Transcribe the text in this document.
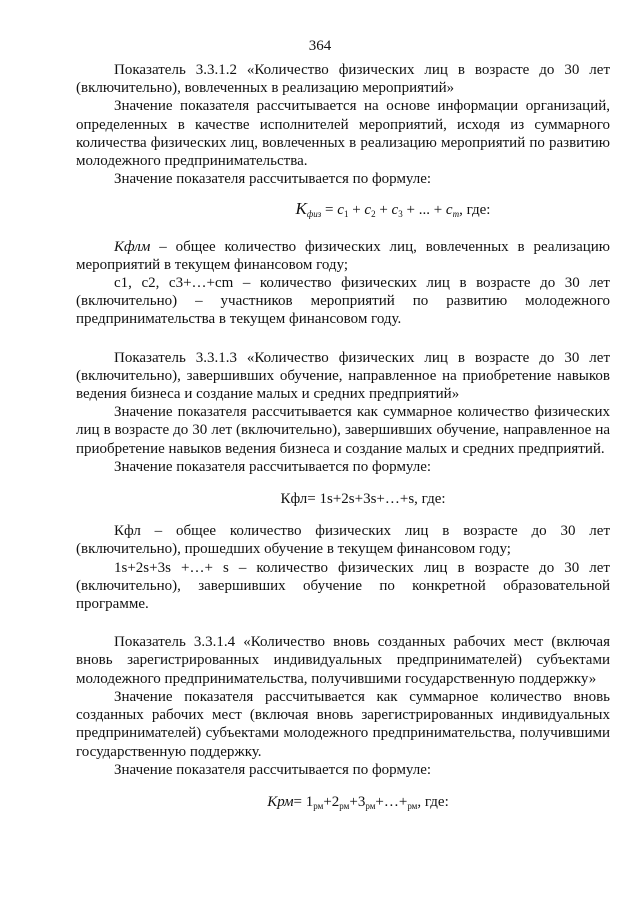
364

Показатель 3.3.1.2 «Количество физических лиц в возрасте до 30 лет (включительно), вовлеченных в реализацию мероприятий»

Значение показателя рассчитывается на основе информации организаций, определенных в качестве исполнителей мероприятий, исходя из суммарного количества физических лиц, вовлеченных в реализацию мероприятий по развитию молодежного предпринимательства.

Значение показателя рассчитывается по формуле:

$K_{физ} = c_1 + c_2 + c_3$ + ... + $c_m$, где:

Кфлм – общее количество физических лиц, вовлеченных в реализацию мероприятий в текущем финансовом году;

с1, с2, с3+…+сm – количество физических лиц в возрасте до 30 лет (включительно) – участников мероприятий по развитию молодежного предпринимательства в текущем финансовом году.

Показатель 3.3.1.3 «Количество физических лиц в возрасте до 30 лет (включительно), завершивших обучение, направленное на приобретение навыков ведения бизнеса и создание малых и средних предприятий»

Значение показателя рассчитывается как суммарное количество физических лиц в возрасте до 30 лет (включительно), завершивших обучение, направленное на приобретение навыков ведения бизнеса и создание малых и средних предприятий.

Значение показателя рассчитывается по формуле:

Кфл= 1s+2s+3s+…+s, где:

Кфл – общее количество физических лиц в возрасте до 30 лет (включительно), прошедших обучение в текущем финансовом году;

1s+2s+3s +…+ s – количество физических лиц в возрасте до 30 лет (включительно), завершивших обучение по конкретной образовательной программе.

Показатель 3.3.1.4 «Количество вновь созданных рабочих мест (включая вновь зарегистрированных индивидуальных предпринимателей) субъектами молодежного предпринимательства, получившими государственную поддержку»

Значение показателя рассчитывается как суммарное количество вновь созданных рабочих мест (включая вновь зарегистрированных индивидуальных предпринимателей) субъектами молодежного предпринимательства, получившими государственную поддержку.

Значение показателя рассчитывается по формуле:

$Крм= 1_{рм}+2_{рм}+3_{рм}+\dots+_{рм}$, где:
